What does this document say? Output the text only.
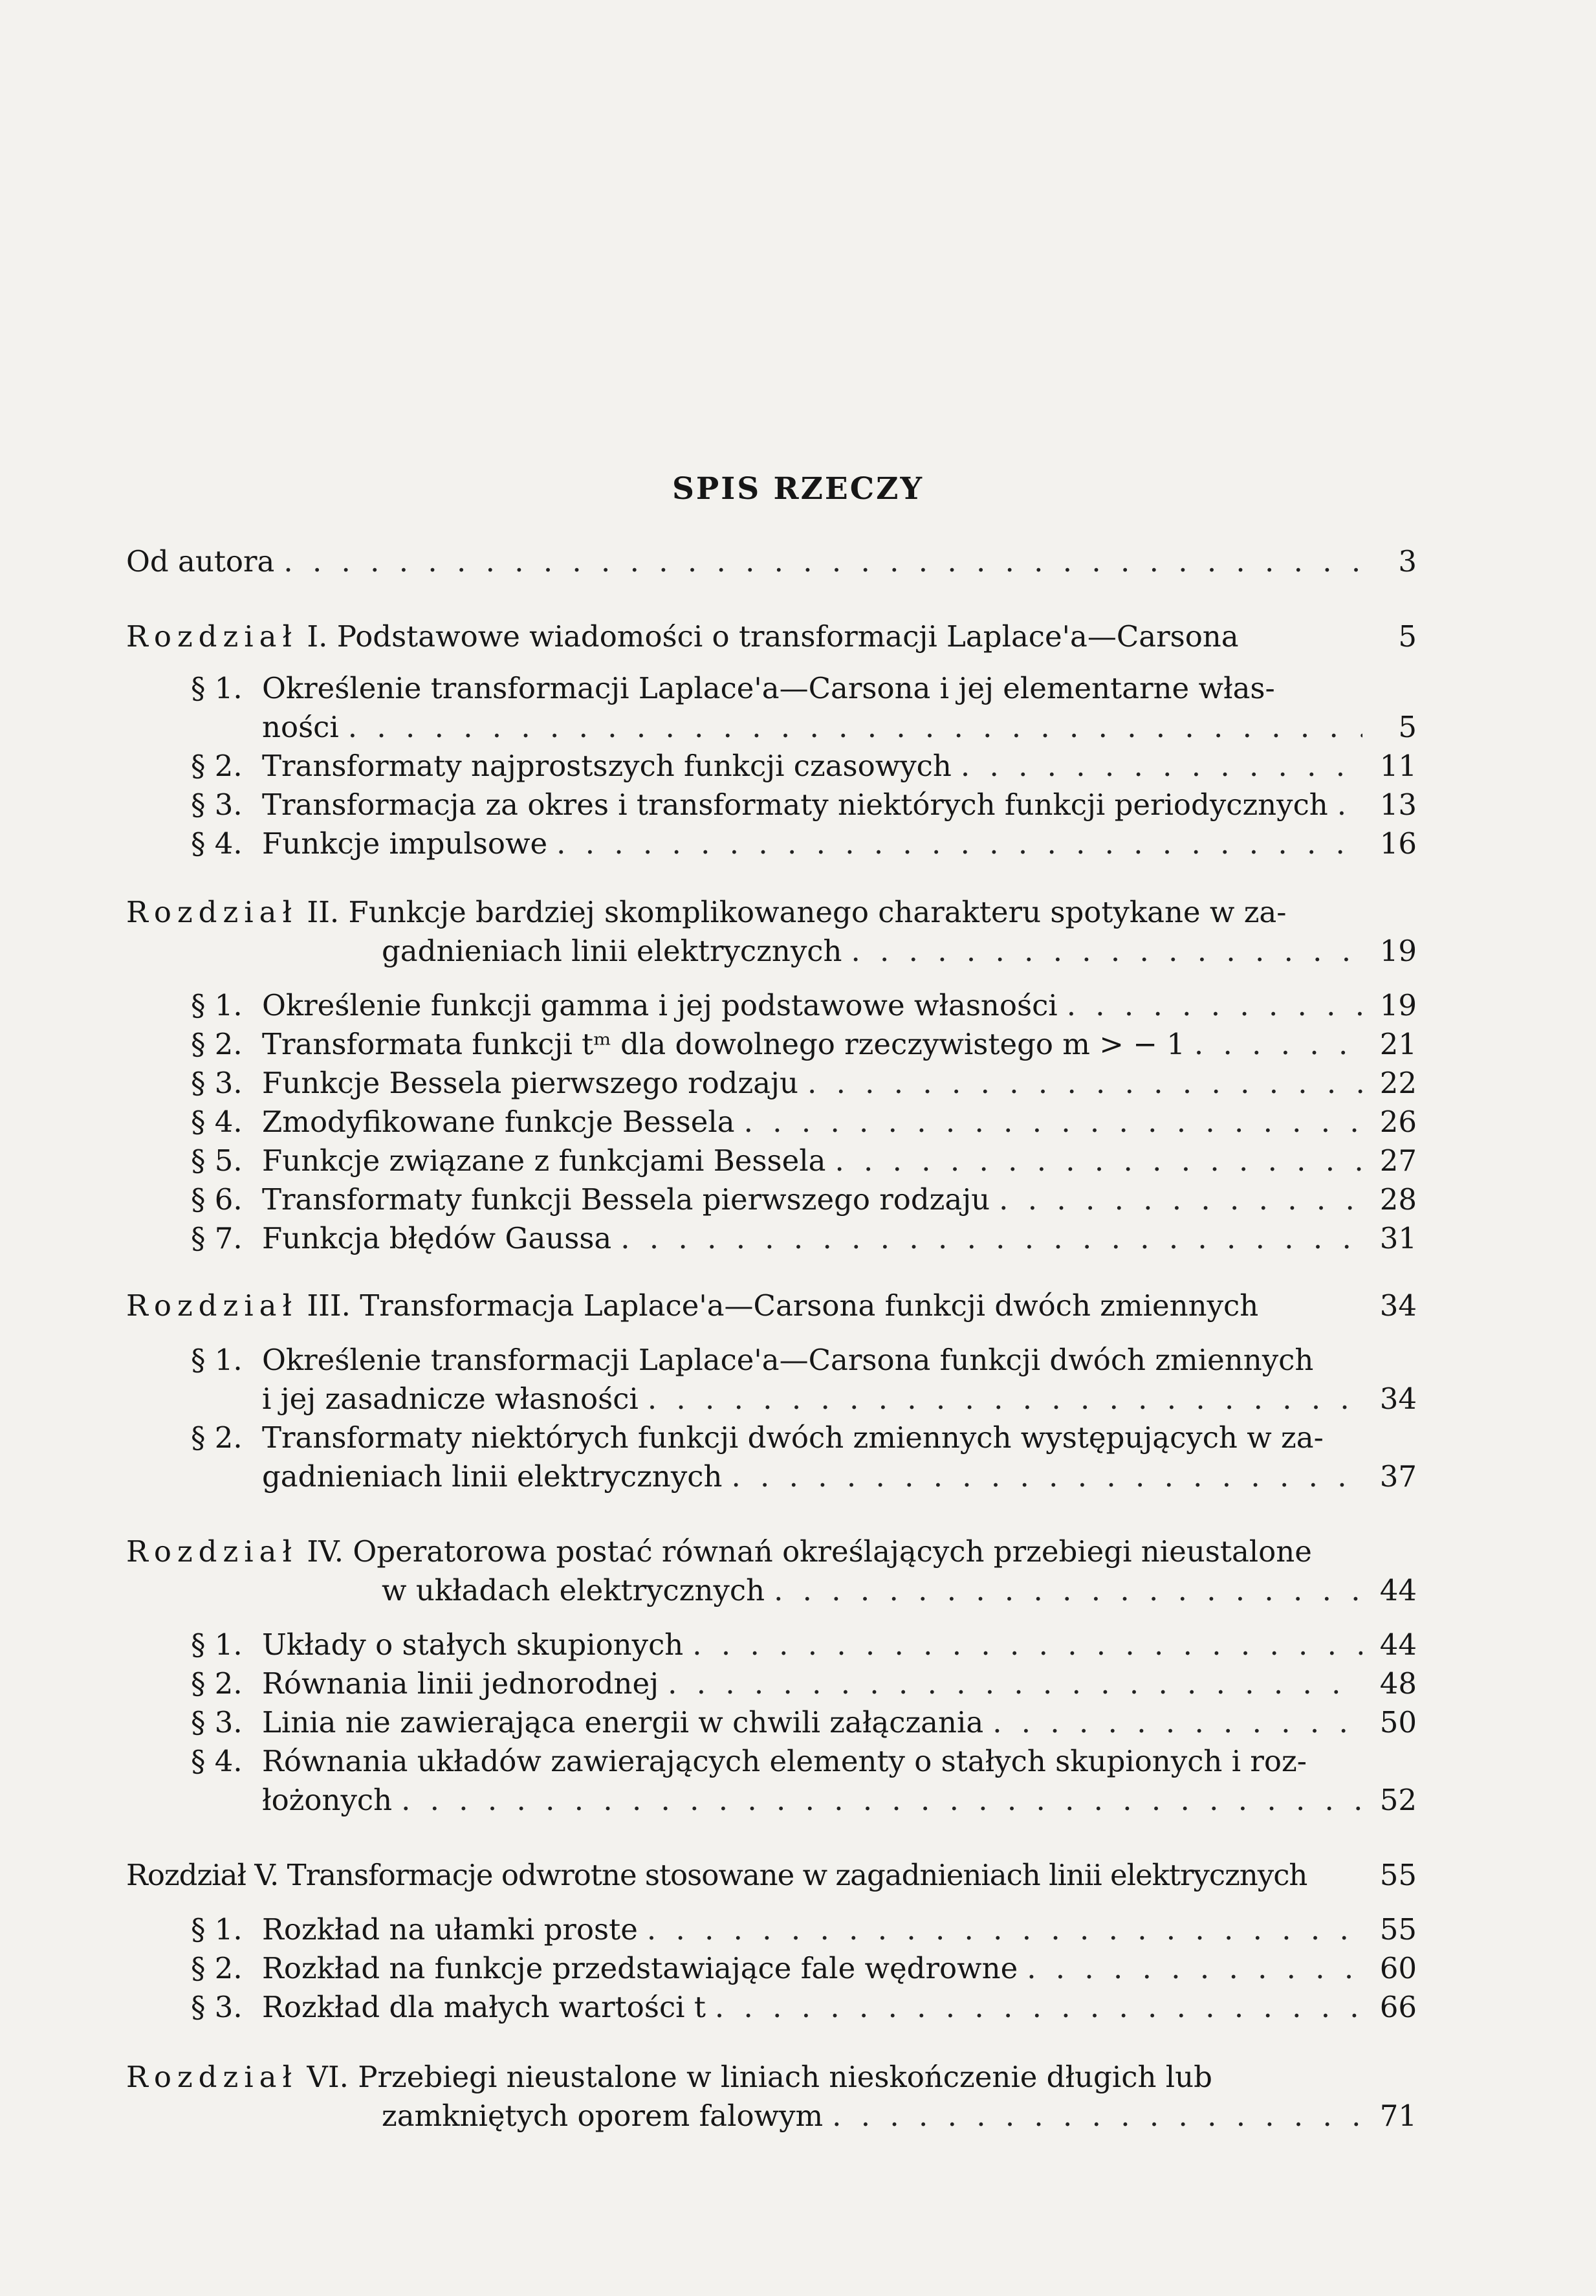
SPIS RZECZY
Od autora . . .	3
Rozdział I. Podstawowe wiadomości o transformacji Laplace'a—Carsona	5
§ 1. Określenie transformacji Laplace'a—Carsona i jej elementarne włas-
ności . . .	5
§ 2. Transformaty najprostszych funkcji czasowych . . .	11
§ 3. Transformacja za okres i transformaty niektórych funkcji periodycznych . . . 13
§ 4. Funkcje impulsowe . . .	16
Rozdział II. Funkcje bardziej skomplikowanego charakteru spotykane w za-
gadnieniach linii elektrycznych . . .	19
§ 1. Określenie funkcji gamma i jej podstawowe własności . . .	19
§ 2. Transformata funkcji tᵐ dla dowolnego rzeczywistego m > − 1 . . .	21
§ 3. Funkcje Bessela pierwszego rodzaju . . .	22
§ 4. Zmodyfikowane funkcje Bessela . . .	26
§ 5. Funkcje związane z funkcjami Bessela . . .	27
§ 6. Transformaty funkcji Bessela pierwszego rodzaju . . .	28
§ 7. Funkcja błędów Gaussa . . .	31
Rozdział III. Transformacja Laplace'a—Carsona funkcji dwóch zmiennych	34
§ 1. Określenie transformacji Laplace'a—Carsona funkcji dwóch zmiennych
i jej zasadnicze własności . . .	34
§ 2. Transformaty niektórych funkcji dwóch zmiennych występujących w za-
gadnieniach linii elektrycznych . . .	37
Rozdział IV. Operatorowa postać równań określających przebiegi nieustalone
w układach elektrycznych . . .	44
§ 1. Układy o stałych skupionych . . .	44
§ 2. Równania linii jednorodnej . . .	48
§ 3. Linia nie zawierająca energii w chwili załączania . . .	50
§ 4. Równania układów zawierających elementy o stałych skupionych i roz-
łożonych . . .	52
Rozdział V. Transformacje odwrotne stosowane w zagadnieniach linii elektrycznych 55
§ 1. Rozkład na ułamki proste . . .	55
§ 2. Rozkład na funkcje przedstawiające fale wędrowne . . .	60
§ 3. Rozkład dla małych wartości t . . .	66
Rozdział VI. Przebiegi nieustalone w liniach nieskończenie długich lub
zamkniętych oporem falowym . . .	71
